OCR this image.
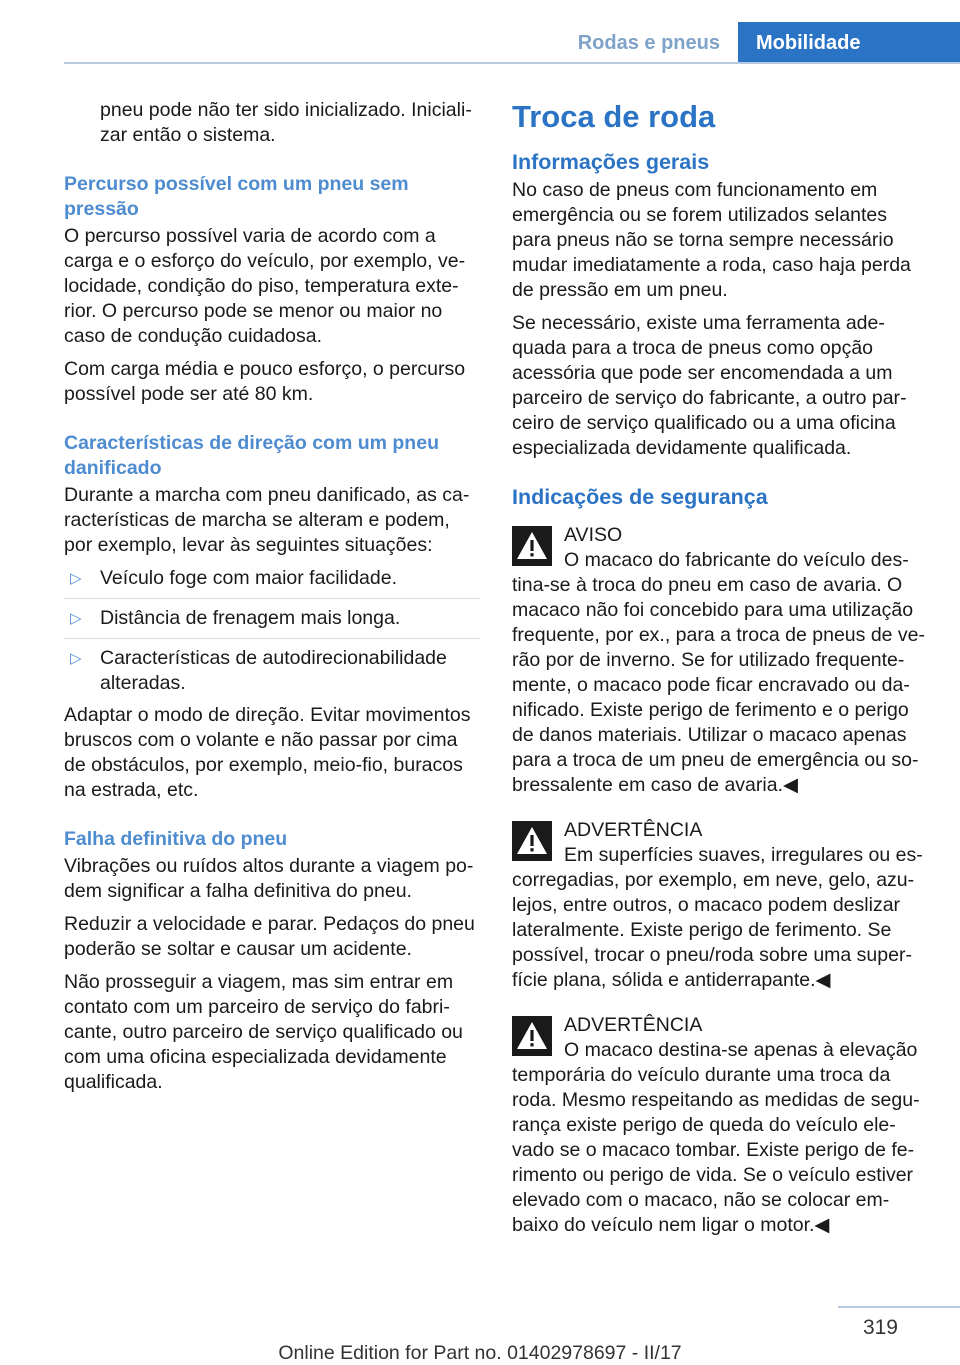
Rodas e pneus	Mobilidade

pneu pode não ter sido inicializado. Inicializar então o sistema.

Percurso possível com um pneu sem pressão

O percurso possível varia de acordo com a carga e o esforço do veículo, por exemplo, velocidade, condição do piso, temperatura exterior. O percurso pode se menor ou maior no caso de condução cuidadosa.

Com carga média e pouco esforço, o percurso possível pode ser até 80 km.

Características de direção com um pneu danificado

Durante a marcha com pneu danificado, as características de marcha se alteram e podem, por exemplo, levar às seguintes situações:

▷ Veículo foge com maior facilidade.
▷ Distância de frenagem mais longa.
▷ Características de autodirecionabilidade alteradas.

Adaptar o modo de direção. Evitar movimentos bruscos com o volante e não passar por cima de obstáculos, por exemplo, meio-fio, buracos na estrada, etc.

Falha definitiva do pneu

Vibrações ou ruídos altos durante a viagem podem significar a falha definitiva do pneu.

Reduzir a velocidade e parar. Pedaços do pneu poderão se soltar e causar um acidente.

Não prosseguir a viagem, mas sim entrar em contato com um parceiro de serviço do fabricante, outro parceiro de serviço qualificado ou com uma oficina especializada devidamente qualificada.

Troca de roda
Informações gerais

No caso de pneus com funcionamento em emergência ou se forem utilizados selantes para pneus não se torna sempre necessário mudar imediatamente a roda, caso haja perda de pressão em um pneu.

Se necessário, existe uma ferramenta adequada para a troca de pneus como opção acessória que pode ser encomendada a um parceiro de serviço do fabricante, a outro parceiro de serviço qualificado ou a uma oficina especializada devidamente qualificada.

Indicações de segurança
AVISO
O macaco do fabricante do veículo destina-se à troca do pneu em caso de avaria. O macaco não foi concebido para uma utilização frequente, por ex., para a troca de pneus de verão por de inverno. Se for utilizado frequentemente, o macaco pode ficar encravado ou danificado. Existe perigo de ferimento e o perigo de danos materiais. Utilizar o macaco apenas para a troca de um pneu de emergência ou sobressalente em caso de avaria.◀
ADVERTÊNCIA
Em superfícies suaves, irregulares ou escorregadias, por exemplo, em neve, gelo, azulejos, entre outros, o macaco podem deslizar lateralmente. Existe perigo de ferimento. Se possível, trocar o pneu/roda sobre uma superfície plana, sólida e antiderrapante.◀
ADVERTÊNCIA
O macaco destina-se apenas à elevação temporária do veículo durante uma troca da roda. Mesmo respeitando as medidas de segurança existe perigo de queda do veículo elevado se o macaco tombar. Existe perigo de ferimento ou perigo de vida. Se o veículo estiver elevado com o macaco, não se colocar embaixo do veículo nem ligar o motor.◀
319
Online Edition for Part no. 01402978697 - II/17
